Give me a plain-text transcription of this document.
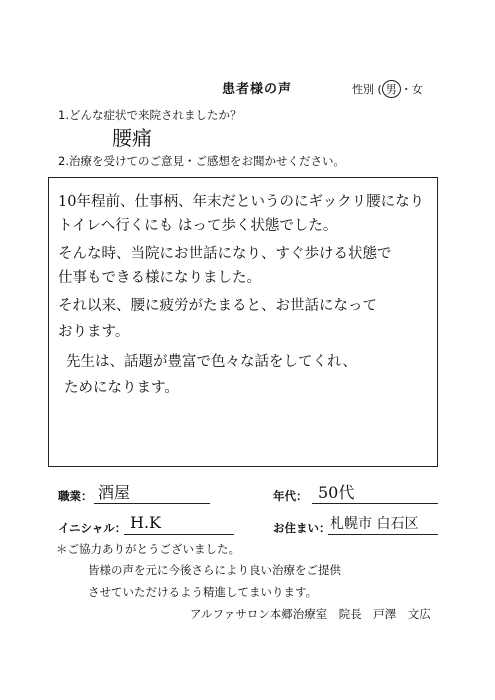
患者様の声	性別 ( 男 ・女
1.どんな症状で来院されましたか？
腰痛
2.治療を受けてのご意見・ご感想をお聞かせください。
10年程前、仕事柄、年末だというのにギックリ腰になり
トイレへ行くにも はって歩く状態でした。
そんな時、当院にお世話になり、すぐ歩ける状態で
仕事もできる様になりました。
それ以来、腰に疲労がたまると、お世話になって
おります。
先生は、話題が豊富で色々な話をしてくれ、
ためになります。
職業： 酒屋	年代： 50代
イニシャル： H.K	お住まい： 札幌市 白石区
＊ご協力ありがとうございました。
皆様の声を元に今後さらにより良い治療をご提供
させていただけるよう精進してまいります。
アルファサロン本郷治療室　院長　戸澤　文広
